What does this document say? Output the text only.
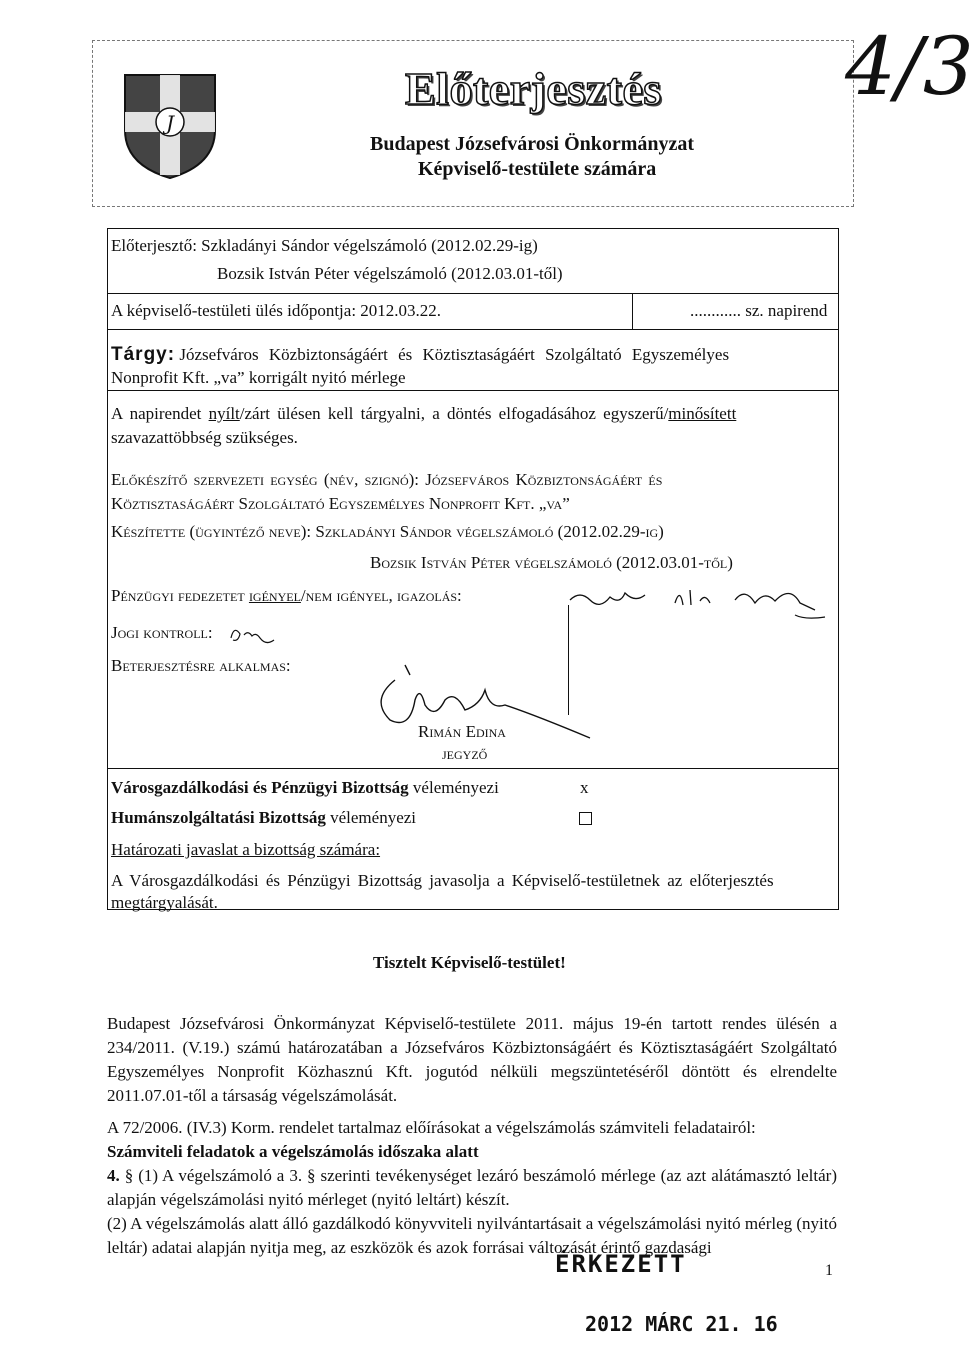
J
Előterjesztés
Budapest Józsefvárosi Önkormányzat
Képviselő-testülete számára
4/3
Előterjesztő: Szkladányi Sándor végelszámoló (2012.02.29-ig)
Bozsik István Péter végelszámoló (2012.03.01-től)
A képviselő-testületi ülés időpontja: 2012.03.22.	............ sz. napirend
Tárgy: Józsefváros Közbiztonságáért és Köztisztaságáért Szolgáltató Egyszemélyes
Nonprofit Kft. „va” korrigált nyitó mérlege
A napirendet nyílt/zárt ülésen kell tárgyalni, a döntés elfogadásához egyszerű/minősített
szavazattöbbség szükséges.
Előkészítő szervezeti egység (név, szignó): Józsefváros Közbiztonságáért és
Köztisztaságáért Szolgáltató Egyszemélyes Nonprofit Kft. „va”
Készítette (ügyintéző neve): Szkladányi Sándor végelszámoló (2012.02.29-ig)
Bozsik István Péter végelszámoló (2012.03.01-től)
Pénzügyi fedezetet igényel/nem igényel, igazolás:
Jogi kontroll:
Beterjesztésre alkalmas:
Rimán Edina
jegyző
Városgazdálkodási és Pénzügyi Bizottság véleményezi	x
Humánszolgáltatási Bizottság véleményezi
Határozati javaslat a bizottság számára:
A Városgazdálkodási és Pénzügyi Bizottság javasolja a Képviselő-testületnek az előterjesztés
megtárgyalását.
Tisztelt Képviselő-testület!
Budapest Józsefvárosi Önkormányzat Képviselő-testülete 2011. május 19-én tartott rendes ülésén a 234/2011. (V.19.) számú határozatában a Józsefváros Közbiztonságáért és Köztisztaságáért Szolgáltató Egyszemélyes Nonprofit Közhasznú Kft. jogutód nélküli megszüntetéséről döntött és elrendelte 2011.07.01-től a társaság végelszámolását.
A 72/2006. (IV.3) Korm. rendelet tartalmaz előírásokat a végelszámolás számviteli feladatairól:
Számviteli feladatok a végelszámolás időszaka alatt
4. § (1) A végelszámoló a 3. § szerinti tevékenységet lezáró beszámoló mérlege (az azt alátámasztó leltár) alapján végelszámolási nyitó mérleget (nyitó leltárt) készít.
(2) A végelszámolás alatt álló gazdálkodó könyvviteli nyilvántartásait a végelszámolási nyitó mérleg (nyitó leltár) adatai alapján nyitja meg, az eszközök és azok forrásai változását érintő gazdasági
ÉRKEZETT
2012 MÁRC 21. 16
1
